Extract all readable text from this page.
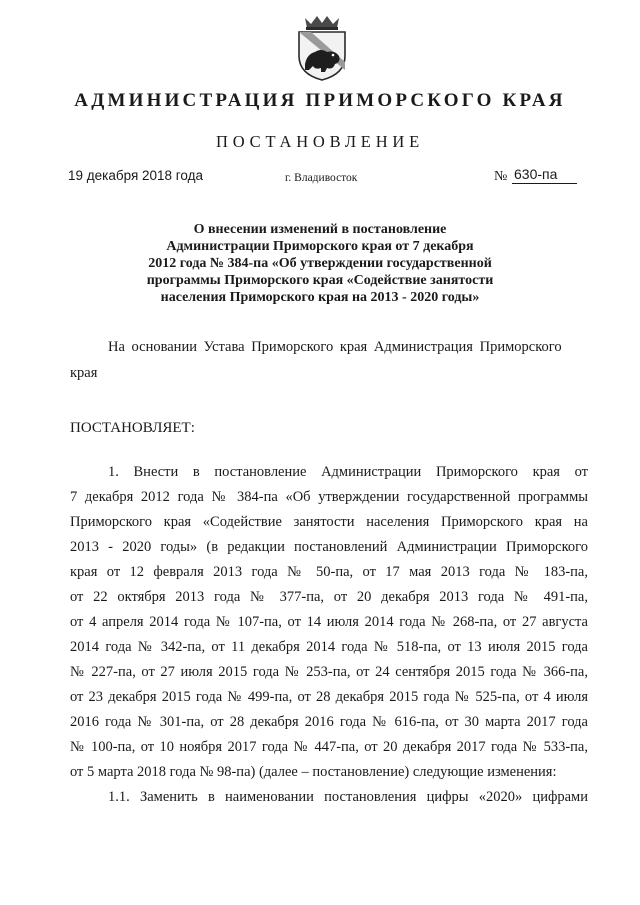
АДМИНИСТРАЦИЯ ПРИМОРСКОГО КРАЯ
ПОСТАНОВЛЕНИЕ
19 декабря 2018 года	г. Владивосток	№ 630-па
О внесении изменений в постановление
Администрации Приморского края от 7 декабря
2012 года № 384-па «Об утверждении государственной
программы Приморского края «Содействие занятости
населения Приморского края на 2013 - 2020 годы»
На основании Устава Приморского края Администрация Приморского
края
ПОСТАНОВЛЯЕТ:
1. Внести в постановление Администрации Приморского края от
7 декабря 2012 года № 384-па «Об утверждении государственной программы
Приморского края «Содействие занятости населения Приморского края на
2013 - 2020 годы» (в редакции постановлений Администрации Приморского
края от 12 февраля 2013 года № 50-па, от 17 мая 2013 года № 183-па,
от 22 октября 2013 года № 377-па, от 20 декабря 2013 года № 491-па,
от 4 апреля 2014 года № 107-па, от 14 июля 2014 года № 268-па, от 27 августа
2014 года № 342-па, от 11 декабря 2014 года № 518-па, от 13 июля 2015 года
№ 227-па, от 27 июля 2015 года № 253-па, от 24 сентября 2015 года № 366-па,
от 23 декабря 2015 года № 499-па, от 28 декабря 2015 года № 525-па, от 4 июля
2016 года № 301-па, от 28 декабря 2016 года № 616-па, от 30 марта 2017 года
№ 100-па, от 10 ноября 2017 года № 447-па, от 20 декабря 2017 года № 533-па,
от 5 марта 2018 года № 98-па) (далее – постановление) следующие изменения:
1.1. Заменить в наименовании постановления цифры «2020» цифрами
